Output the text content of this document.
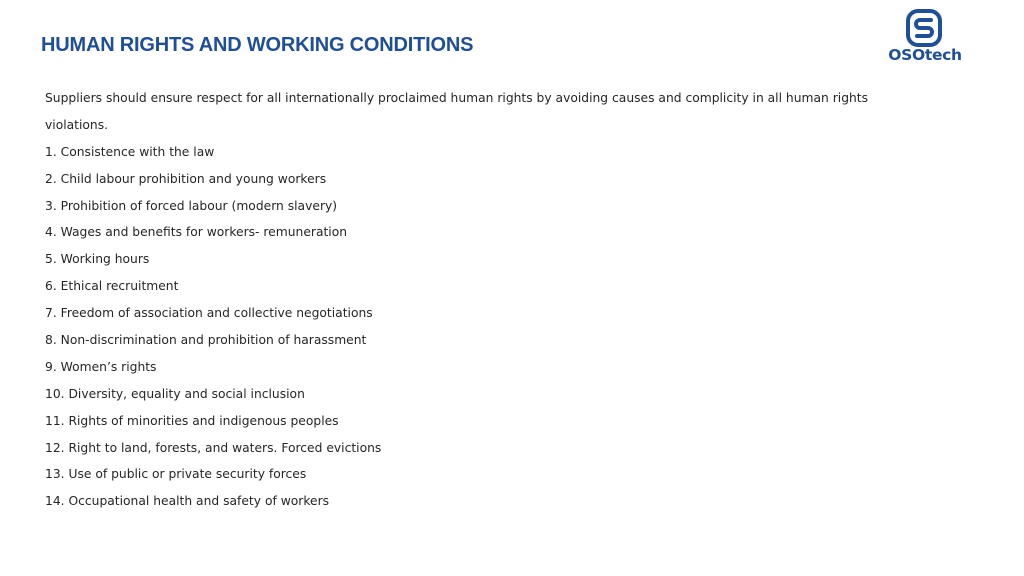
HUMAN RIGHTS AND WORKING CONDITIONS	OSOtech
Suppliers should ensure respect for all internationally proclaimed human rights by avoiding causes and complicity in all human rights
violations.
1. Consistence with the law
2. Child labour prohibition and young workers
3. Prohibition of forced labour (modern slavery)
4. Wages and benefits for workers- remuneration
5. Working hours
6. Ethical recruitment
7. Freedom of association and collective negotiations
8. Non-discrimination and prohibition of harassment
9. Women’s rights
10. Diversity, equality and social inclusion
11. Rights of minorities and indigenous peoples
12. Right to land, forests, and waters. Forced evictions
13. Use of public or private security forces
14. Occupational health and safety of workers
